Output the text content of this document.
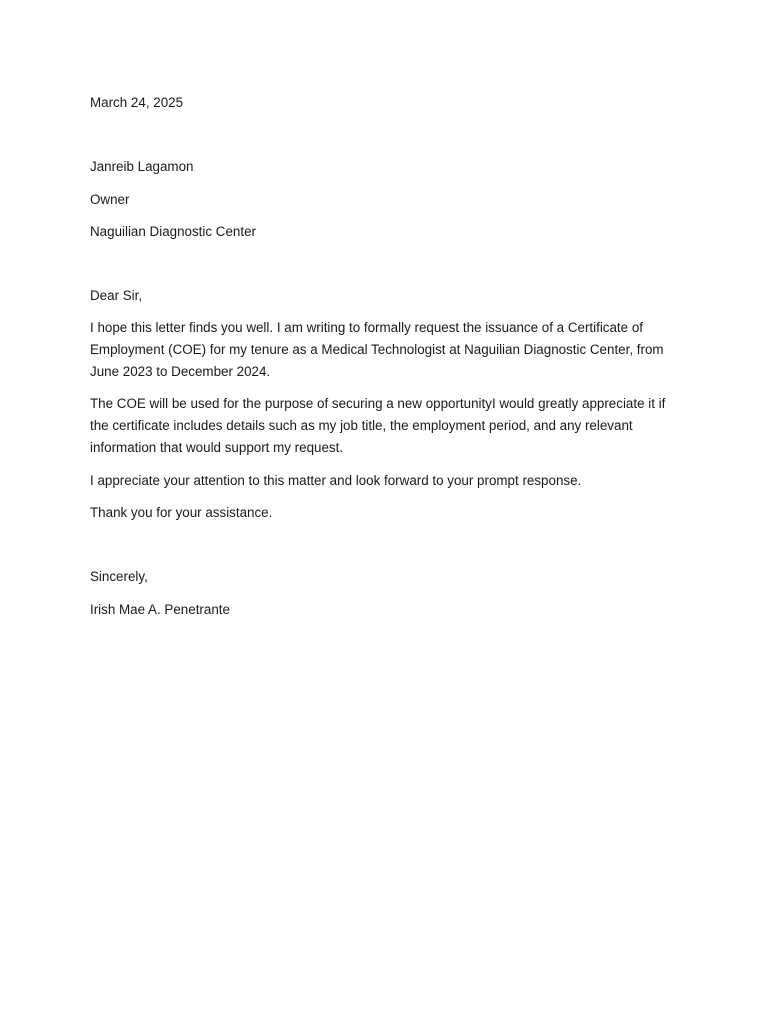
March 24, 2025

Janreib Lagamon

Owner

Naguilian Diagnostic Center

Dear Sir,

I hope this letter finds you well. I am writing to formally request the issuance of a Certificate of Employment (COE) for my tenure as a Medical Technologist at Naguilian Diagnostic Center, from June 2023 to December 2024.

The COE will be used for the purpose of securing a new opportunityI would greatly appreciate it if the certificate includes details such as my job title, the employment period, and any relevant information that would support my request.

I appreciate your attention to this matter and look forward to your prompt response.

Thank you for your assistance.

Sincerely,

Irish Mae A. Penetrante
